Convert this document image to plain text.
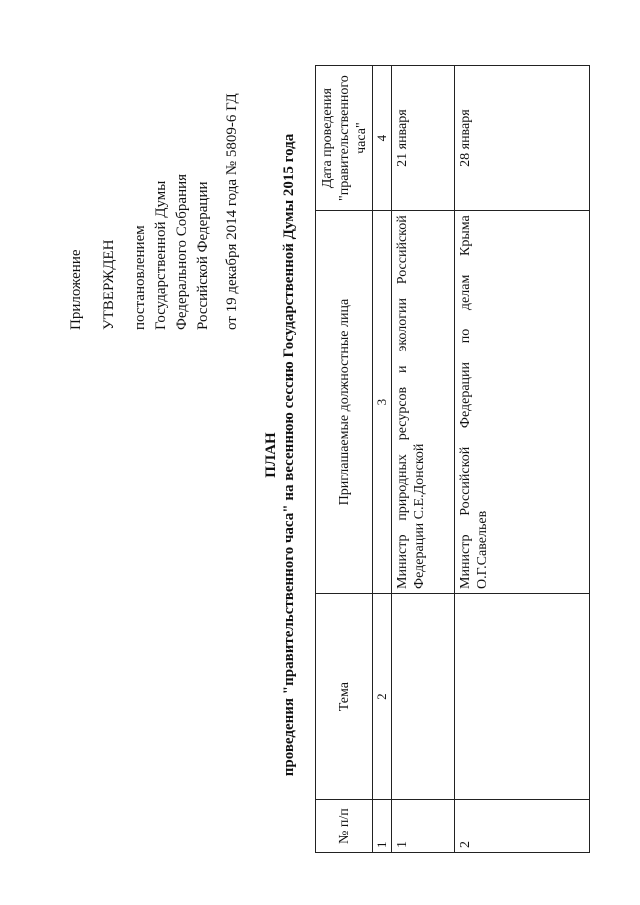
Приложение УТВЕРЖДЕН постановлением Государственной Думы Федерального Собрания Российской Федерации от 19 декабря 2014 года № 5809-6 ГД
ПЛАН проведения "правительственного часа" на весеннюю сессию Государственной Думы 2015 года
№ п/п	Тема	Приглашаемые должностные лица	Дата проведения "правительственного часа"
1	2	3	4
1		Министр природных ресурсов и экологии Российской Федерации С.Е.Донской	21 января
2		Министр Российской Федерации по делам Крыма О.Г.Савельев	28 января
